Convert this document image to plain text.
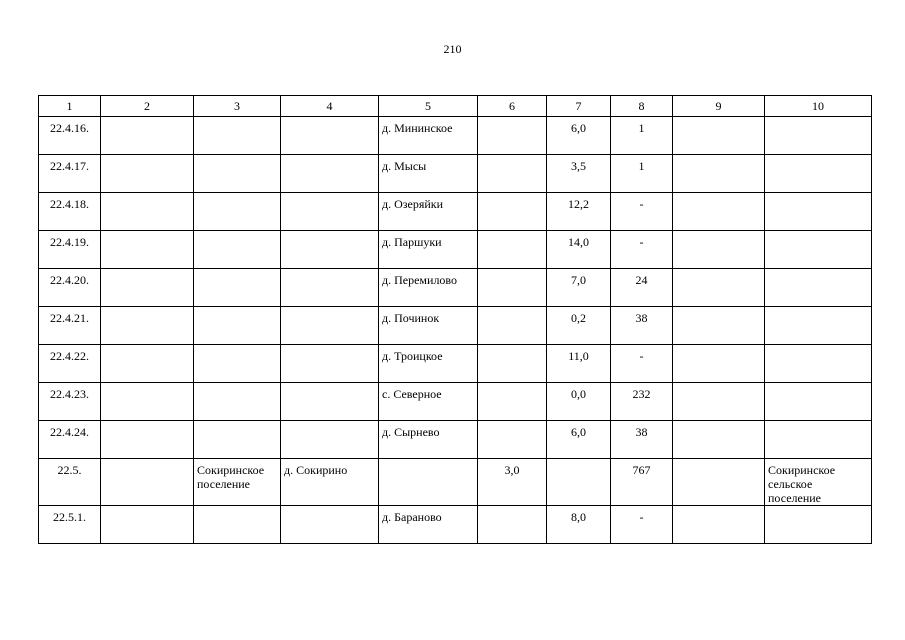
210
1	2	3	4	5	6	7	8	9	10
22.4.16.				д. Мининское		6,0	1		
22.4.17.				д. Мысы		3,5	1		
22.4.18.				д. Озеряйки		12,2	-		
22.4.19.				д. Паршуки		14,0	-		
22.4.20.				д. Перемилово		7,0	24		
22.4.21.				д. Починок		0,2	38		
22.4.22.				д. Троицкое		11,0	-		
22.4.23.				с. Северное		0,0	232		
22.4.24.				д. Сырнево		6,0	38		
22.5.		Сокиринское поселение	д. Сокирино		3,0		767		Сокиринское сельское поселение
22.5.1.				д. Бараново		8,0	-		
